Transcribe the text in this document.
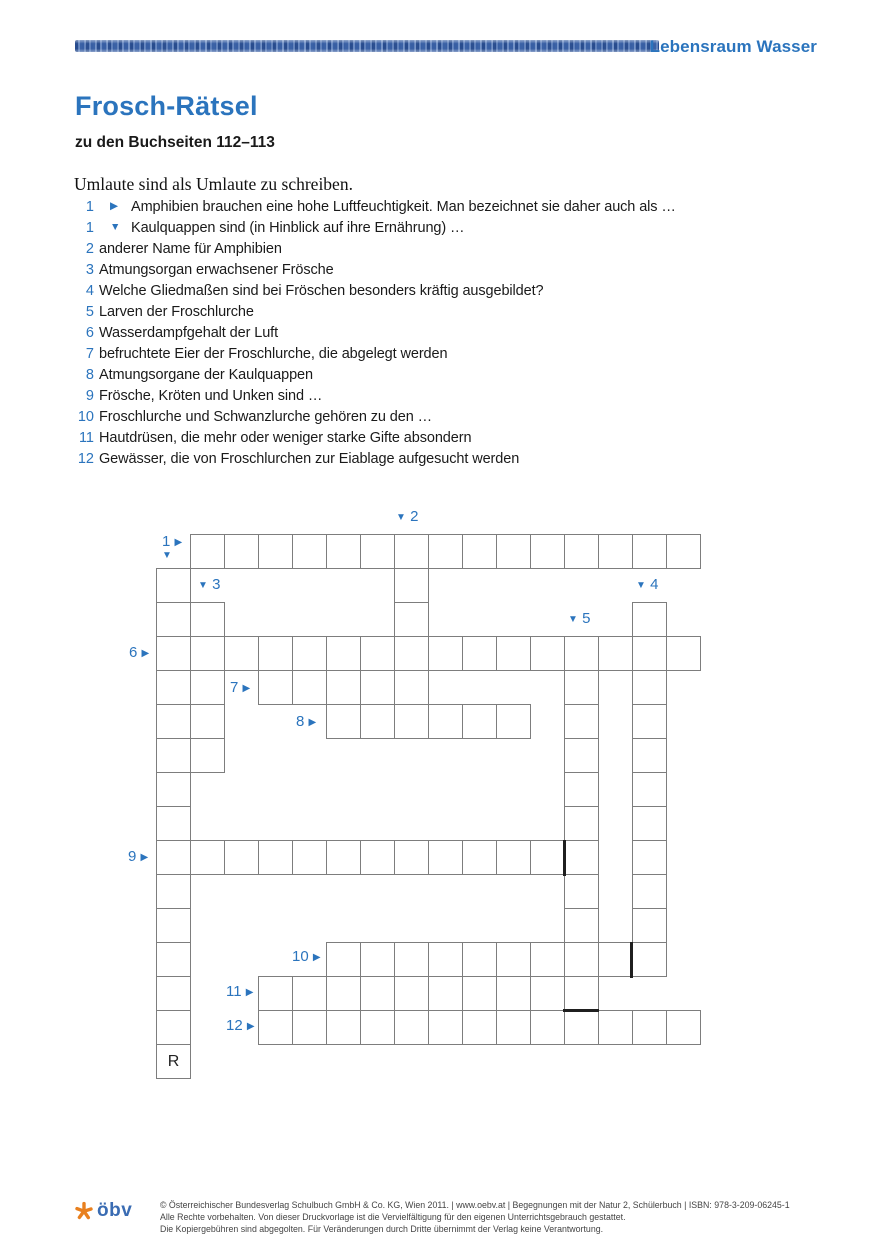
Lebensraum Wasser
Frosch-Rätsel
zu den Buchseiten 112–113
Umlaute sind als Umlaute zu schreiben.
1 ▶ Amphibien brauchen eine hohe Luftfeuchtigkeit. Man bezeichnet sie daher auch als …
1 ▼ Kaulquappen sind (in Hinblick auf ihre Ernährung) …
2 anderer Name für Amphibien
3 Atmungsorgan erwachsener Frösche
4 Welche Gliedmaßen sind bei Fröschen besonders kräftig ausgebildet?
5 Larven der Froschlurche
6 Wasserdampfgehalt der Luft
7 befruchtete Eier der Froschlurche, die abgelegt werden
8 Atmungsorgane der Kaulquappen
9 Frösche, Kröten und Unken sind …
10 Froschlurche und Schwanzlurche gehören zu den …
11 Hautdrüsen, die mehr oder weniger starke Gifte absondern
12 Gewässer, die von Froschlurchen zur Eiablage aufgesucht werden
R
1 ▶
▼
▼ 2
▼ 3	▼ 4
▼ 5
6 ▶
7 ▶
8 ▶
9 ▶
10 ▶
11 ▶
12 ▶
öbv	© Österreichischer Bundesverlag Schulbuch GmbH & Co. KG, Wien 2011. | www.oebv.at | Begegnungen mit der Natur 2, Schülerbuch | ISBN: 978-3-209-06245-1
Alle Rechte vorbehalten. Von dieser Druckvorlage ist die Vervielfältigung für den eigenen Unterrichtsgebrauch gestattet.
Die Kopiergebühren sind abgegolten. Für Veränderungen durch Dritte übernimmt der Verlag keine Verantwortung.
